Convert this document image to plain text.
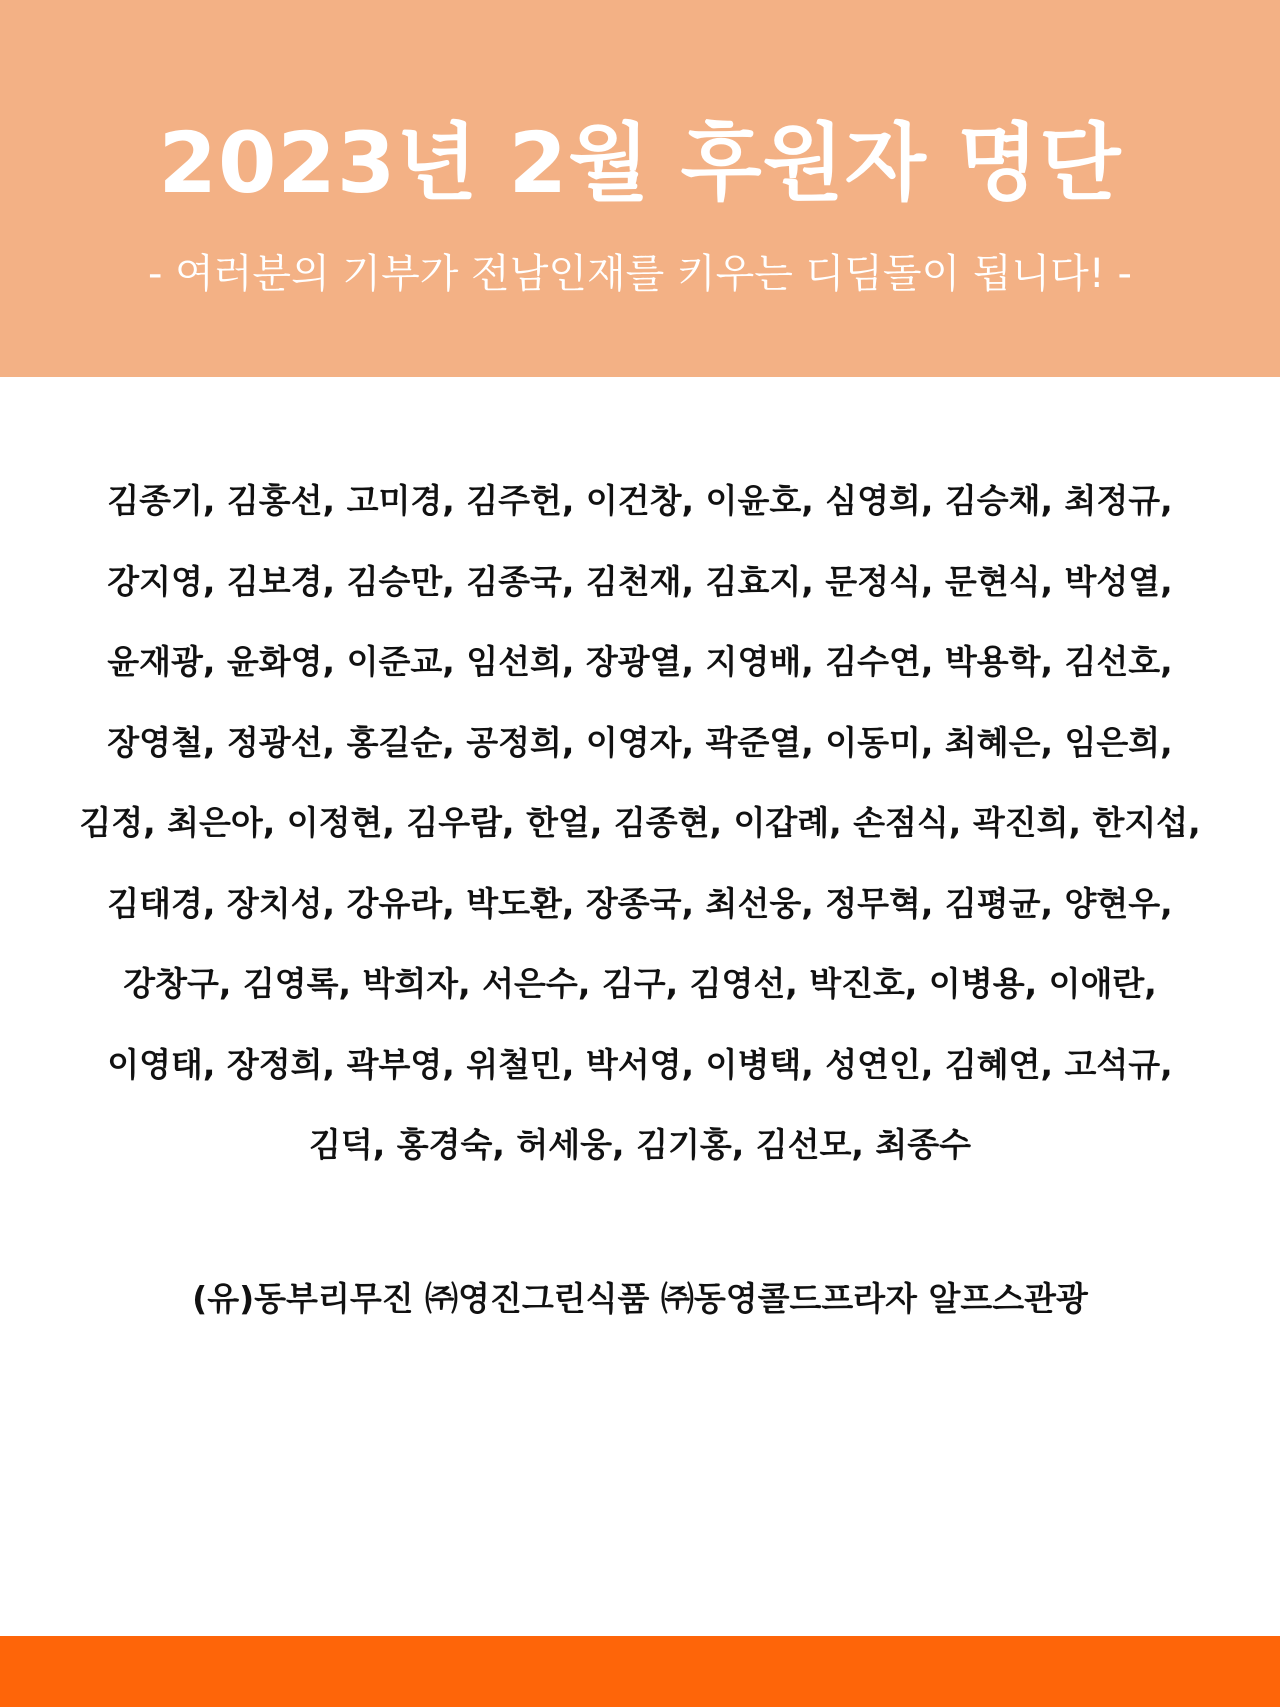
2023년 2월 후원자 명단
- 여러분의 기부가 전남인재를 키우는 디딤돌이 됩니다! -
김종기, 김홍선, 고미경, 김주헌, 이건창, 이윤호, 심영희, 김승채, 최정규,
강지영, 김보경, 김승만, 김종국, 김천재, 김효지, 문정식, 문현식, 박성열,
윤재광, 윤화영, 이준교, 임선희, 장광열, 지영배, 김수연, 박용학, 김선호,
장영철, 정광선, 홍길순, 공정희, 이영자, 곽준열, 이동미, 최혜은, 임은희,
김정, 최은아, 이정현, 김우람, 한얼, 김종현, 이갑례, 손점식, 곽진희, 한지섭,
김태경, 장치성, 강유라, 박도환, 장종국, 최선웅, 정무혁, 김평균, 양현우,
강창구, 김영록, 박희자, 서은수, 김구, 김영선, 박진호, 이병용, 이애란,
이영태, 장정희, 곽부영, 위철민, 박서영, 이병택, 성연인, 김혜연, 고석규,
김덕, 홍경숙, 허세웅, 김기홍, 김선모, 최종수
(유)동부리무진 ㈜영진그린식품 ㈜동영콜드프라자 알프스관광
